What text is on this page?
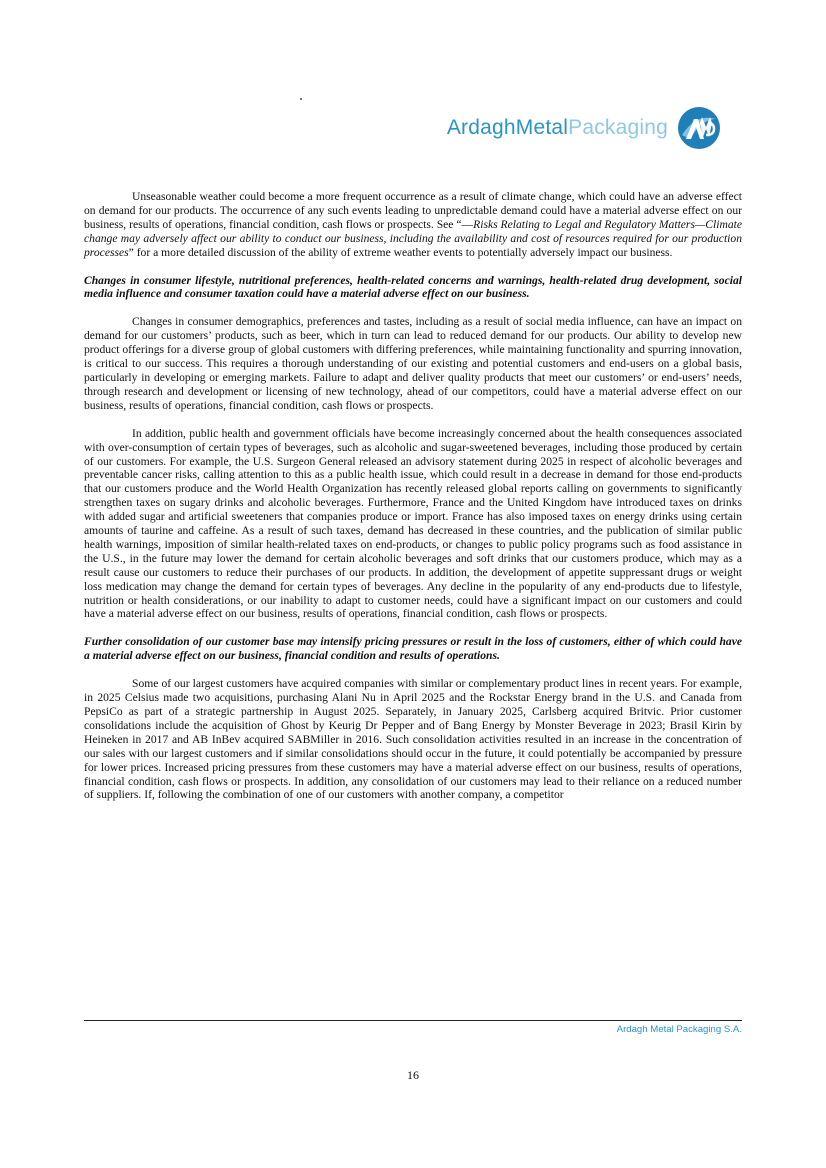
ArdaghMetalPackaging

Unseasonable weather could become a more frequent occurrence as a result of climate change, which could have an adverse effect on demand for our products. The occurrence of any such events leading to unpredictable demand could have a material adverse effect on our business, results of operations, financial condition, cash flows or prospects. See “—Risks Relating to Legal and Regulatory Matters—Climate change may adversely affect our ability to conduct our business, including the availability and cost of resources required for our production processes” for a more detailed discussion of the ability of extreme weather events to potentially adversely impact our business.

Changes in consumer lifestyle, nutritional preferences, health-related concerns and warnings, health-related drug development, social media influence and consumer taxation could have a material adverse effect on our business.

Changes in consumer demographics, preferences and tastes, including as a result of social media influence, can have an impact on demand for our customers’ products, such as beer, which in turn can lead to reduced demand for our products. Our ability to develop new product offerings for a diverse group of global customers with differing preferences, while maintaining functionality and spurring innovation, is critical to our success. This requires a thorough understanding of our existing and potential customers and end-users on a global basis, particularly in developing or emerging markets. Failure to adapt and deliver quality products that meet our customers’ or end-users’ needs, through research and development or licensing of new technology, ahead of our competitors, could have a material adverse effect on our business, results of operations, financial condition, cash flows or prospects.

In addition, public health and government officials have become increasingly concerned about the health consequences associated with over-consumption of certain types of beverages, such as alcoholic and sugar-sweetened beverages, including those produced by certain of our customers. For example, the U.S. Surgeon General released an advisory statement during 2025 in respect of alcoholic beverages and preventable cancer risks, calling attention to this as a public health issue, which could result in a decrease in demand for those end-products that our customers produce and the World Health Organization has recently released global reports calling on governments to significantly strengthen taxes on sugary drinks and alcoholic beverages. Furthermore, France and the United Kingdom have introduced taxes on drinks with added sugar and artificial sweeteners that companies produce or import. France has also imposed taxes on energy drinks using certain amounts of taurine and caffeine. As a result of such taxes, demand has decreased in these countries, and the publication of similar public health warnings, imposition of similar health-related taxes on end-products, or changes to public policy programs such as food assistance in the U.S., in the future may lower the demand for certain alcoholic beverages and soft drinks that our customers produce, which may as a result cause our customers to reduce their purchases of our products. In addition, the development of appetite suppressant drugs or weight loss medication may change the demand for certain types of beverages. Any decline in the popularity of any end-products due to lifestyle, nutrition or health considerations, or our inability to adapt to customer needs, could have a significant impact on our customers and could have a material adverse effect on our business, results of operations, financial condition, cash flows or prospects.

Further consolidation of our customer base may intensify pricing pressures or result in the loss of customers, either of which could have a material adverse effect on our business, financial condition and results of operations.

Some of our largest customers have acquired companies with similar or complementary product lines in recent years. For example, in 2025 Celsius made two acquisitions, purchasing Alani Nu in April 2025 and the Rockstar Energy brand in the U.S. and Canada from PepsiCo as part of a strategic partnership in August 2025. Separately, in January 2025, Carlsberg acquired Britvic. Prior customer consolidations include the acquisition of Ghost by Keurig Dr Pepper and of Bang Energy by Monster Beverage in 2023; Brasil Kirin by Heineken in 2017 and AB InBev acquired SABMiller in 2016. Such consolidation activities resulted in an increase in the concentration of our sales with our largest customers and if similar consolidations should occur in the future, it could potentially be accompanied by pressure for lower prices. Increased pricing pressures from these customers may have a material adverse effect on our business, results of operations, financial condition, cash flows or prospects. In addition, any consolidation of our customers may lead to their reliance on a reduced number of suppliers. If, following the combination of one of our customers with another company, a competitor

Ardagh Metal Packaging S.A.
16
